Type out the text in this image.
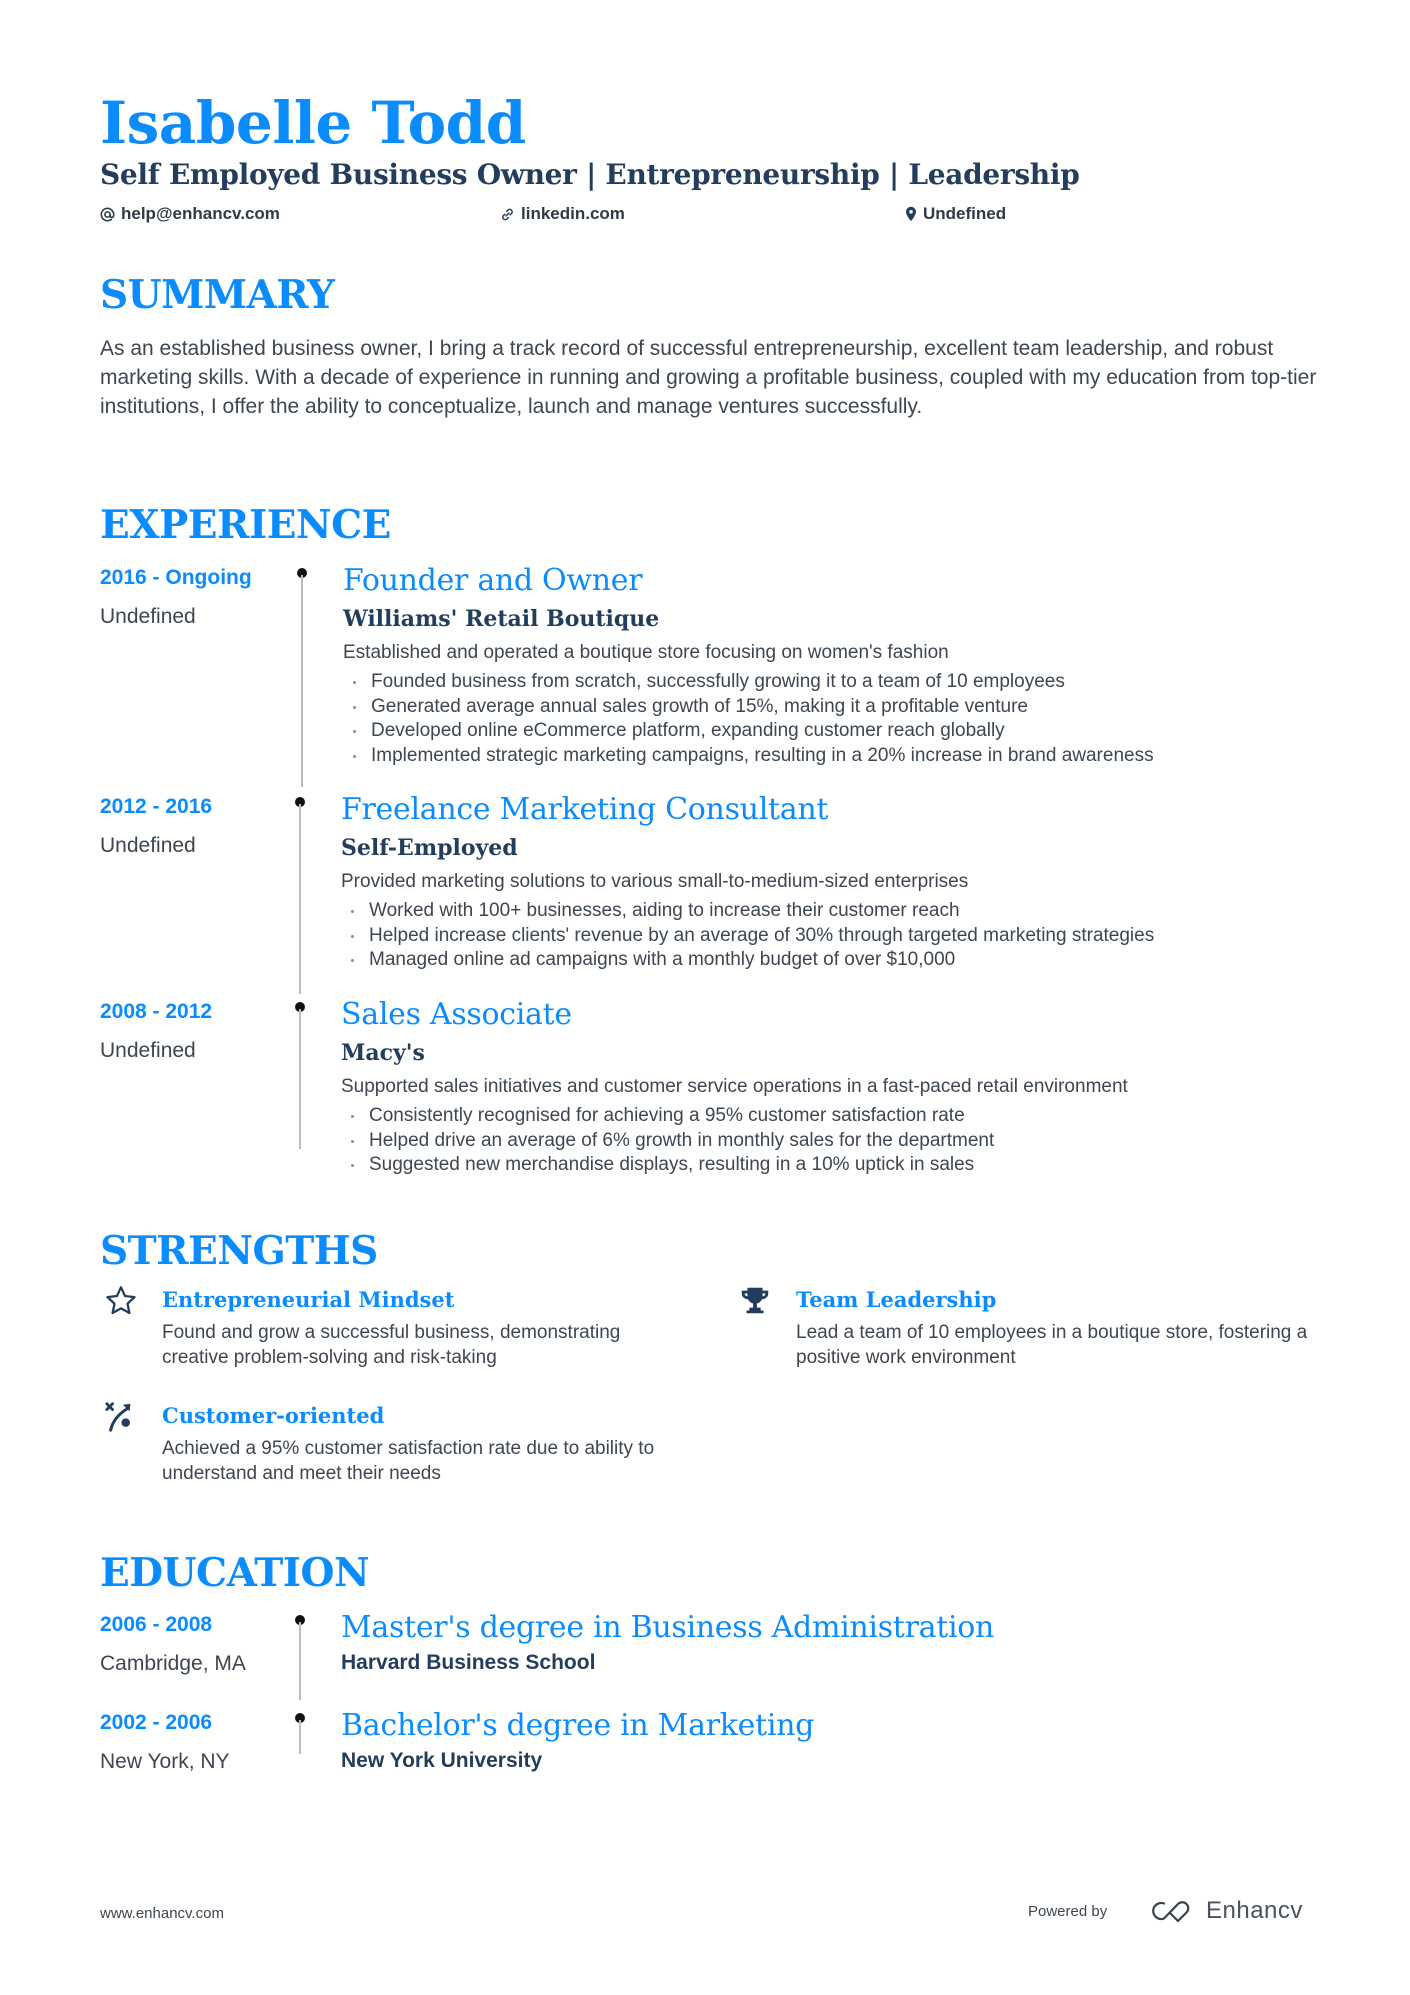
Isabelle Todd
Self Employed Business Owner | Entrepreneurship | Leadership
help@enhancv.com	linkedin.com	Undefined
SUMMARY
As an established business owner, I bring a track record of successful entrepreneurship, excellent team leadership, and robust marketing skills. With a decade of experience in running and growing a profitable business, coupled with my education from top-tier institutions, I offer the ability to conceptualize, launch and manage ventures successfully.
EXPERIENCE
2016 - Ongoing
Undefined
Founder and Owner
Williams' Retail Boutique
Established and operated a boutique store focusing on women's fashion
Founded business from scratch, successfully growing it to a team of 10 employees
Generated average annual sales growth of 15%, making it a profitable venture
Developed online eCommerce platform, expanding customer reach globally
Implemented strategic marketing campaigns, resulting in a 20% increase in brand awareness
2012 - 2016
Undefined
Freelance Marketing Consultant
Self-Employed
Provided marketing solutions to various small-to-medium-sized enterprises
Worked with 100+ businesses, aiding to increase their customer reach
Helped increase clients' revenue by an average of 30% through targeted marketing strategies
Managed online ad campaigns with a monthly budget of over $10,000
2008 - 2012
Undefined
Sales Associate
Macy's
Supported sales initiatives and customer service operations in a fast-paced retail environment
Consistently recognised for achieving a 95% customer satisfaction rate
Helped drive an average of 6% growth in monthly sales for the department
Suggested new merchandise displays, resulting in a 10% uptick in sales
STRENGTHS
Entrepreneurial Mindset
Found and grow a successful business, demonstrating creative problem-solving and risk-taking
Team Leadership
Lead a team of 10 employees in a boutique store, fostering a positive work environment
Customer-oriented
Achieved a 95% customer satisfaction rate due to ability to understand and meet their needs
EDUCATION
2006 - 2008
Cambridge, MA
Master's degree in Business Administration
Harvard Business School
2002 - 2006
New York, NY
Bachelor's degree in Marketing
New York University
www.enhancv.com	Powered by	Enhancv
